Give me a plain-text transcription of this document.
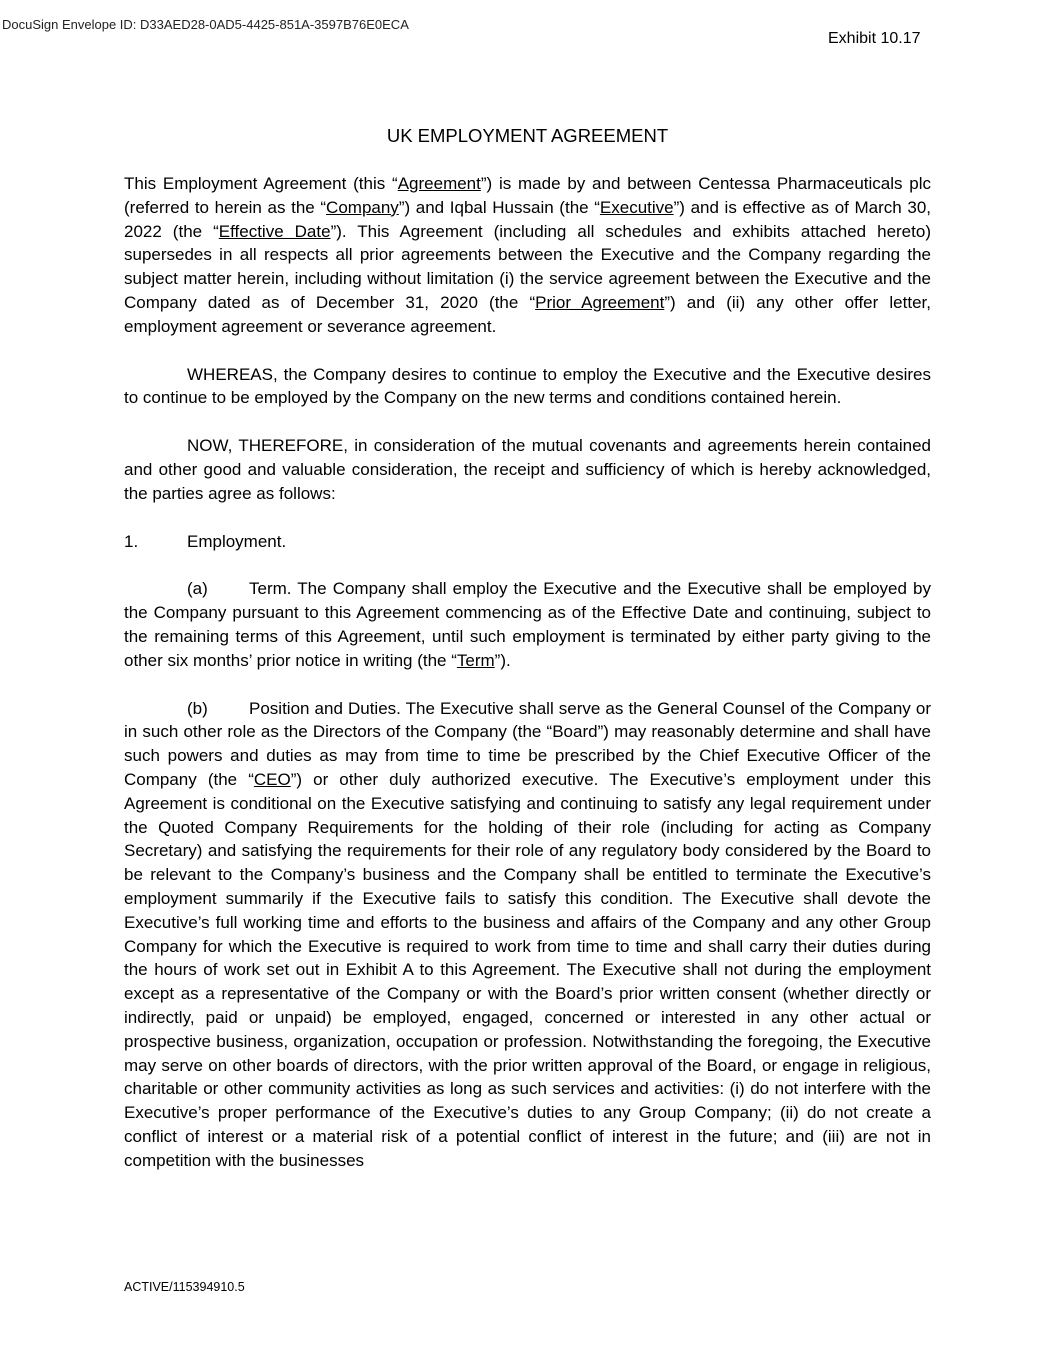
DocuSign Envelope ID: D33AED28-0AD5-4425-851A-3597B76E0ECA
Exhibit 10.17
UK EMPLOYMENT AGREEMENT

This Employment Agreement (this “Agreement”) is made by and between Centessa Pharmaceuticals plc (referred to herein as the “Company”) and Iqbal Hussain (the “Executive”) and is effective as of March 30, 2022 (the “Effective Date”). This Agreement (including all schedules and exhibits attached hereto) supersedes in all respects all prior agreements between the Executive and the Company regarding the subject matter herein, including without limitation (i) the service agreement between the Executive and the Company dated as of December 31, 2020 (the “Prior Agreement”) and (ii) any other offer letter, employment agreement or severance agreement.

WHEREAS, the Company desires to continue to employ the Executive and the Executive desires to continue to be employed by the Company on the new terms and conditions contained herein.

NOW, THEREFORE, in consideration of the mutual covenants and agreements herein contained and other good and valuable consideration, the receipt and sufficiency of which is hereby acknowledged, the parties agree as follows:

1.	Employment.

(a) Term. The Company shall employ the Executive and the Executive shall be employed by the Company pursuant to this Agreement commencing as of the Effective Date and continuing, subject to the remaining terms of this Agreement, until such employment is terminated by either party giving to the other six months’ prior notice in writing (the “Term”).

(b) Position and Duties. The Executive shall serve as the General Counsel of the Company or in such other role as the Directors of the Company (the “Board”) may reasonably determine and shall have such powers and duties as may from time to time be prescribed by the Chief Executive Officer of the Company (the “CEO”) or other duly authorized executive. The Executive’s employment under this Agreement is conditional on the Executive satisfying and continuing to satisfy any legal requirement under the Quoted Company Requirements for the holding of their role (including for acting as Company Secretary) and satisfying the requirements for their role of any regulatory body considered by the Board to be relevant to the Company’s business and the Company shall be entitled to terminate the Executive’s employment summarily if the Executive fails to satisfy this condition. The Executive shall devote the Executive’s full working time and efforts to the business and affairs of the Company and any other Group Company for which the Executive is required to work from time to time and shall carry their duties during the hours of work set out in Exhibit A to this Agreement. The Executive shall not during the employment except as a representative of the Company or with the Board’s prior written consent (whether directly or indirectly, paid or unpaid) be employed, engaged, concerned or interested in any other actual or prospective business, organization, occupation or profession. Notwithstanding the foregoing, the Executive may serve on other boards of directors, with the prior written approval of the Board, or engage in religious, charitable or other community activities as long as such services and activities: (i) do not interfere with the Executive’s proper performance of the Executive’s duties to any Group Company; (ii) do not create a conflict of interest or a material risk of a potential conflict of interest in the future; and (iii) are not in competition with the businesses

ACTIVE/115394910.5
